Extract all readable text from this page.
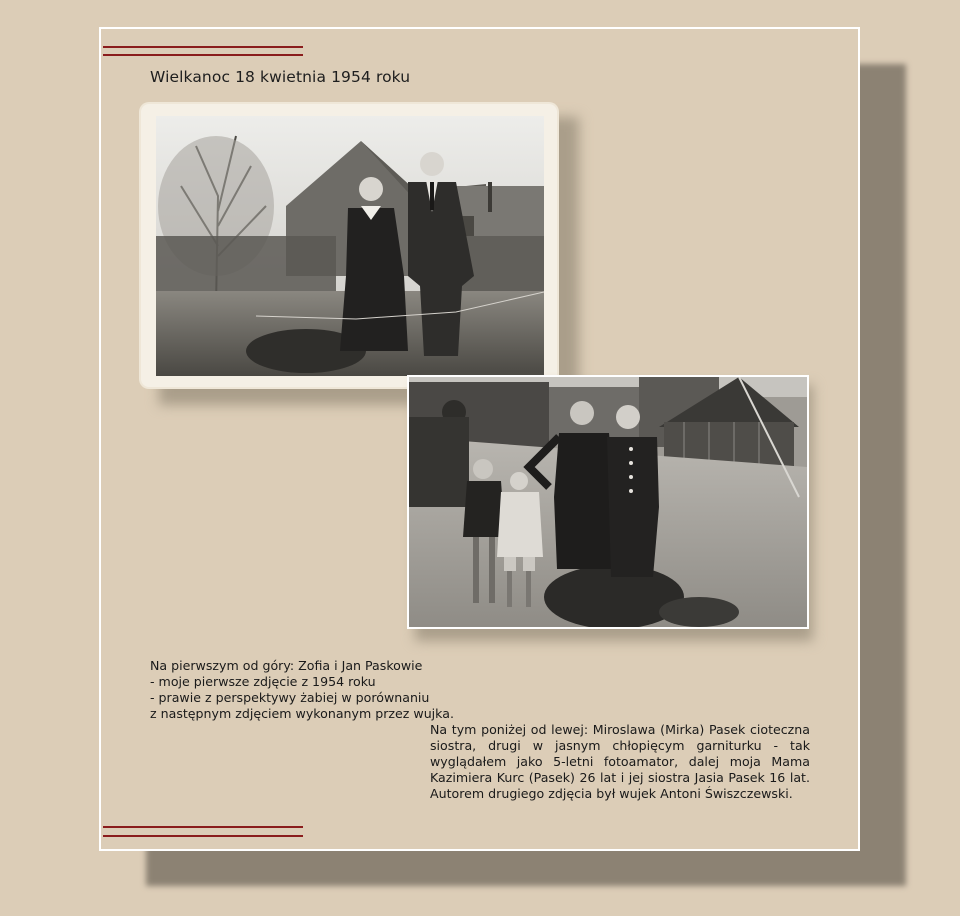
Wielkanoc 18 kwietnia 1954 roku
Na pierwszym od góry: Zofia i Jan Paskowie
- moje pierwsze zdjęcie z 1954 roku
- prawie z perspektywy żabiej w porównaniu
z następnym zdjęciem wykonanym przez wujka.

Na tym poniżej od lewej: Miroslawa (Mirka) Pasek cioteczna siostra, drugi w jasnym chłopięcym garniturku - tak wyglądałem jako 5-letni fotoamator, dalej moja Mama Kazimiera Kurc (Pasek) 26 lat i jej siostra Jasia Pasek 16 lat. Autorem drugiego zdjęcia był wujek Antoni Świszczewski.
